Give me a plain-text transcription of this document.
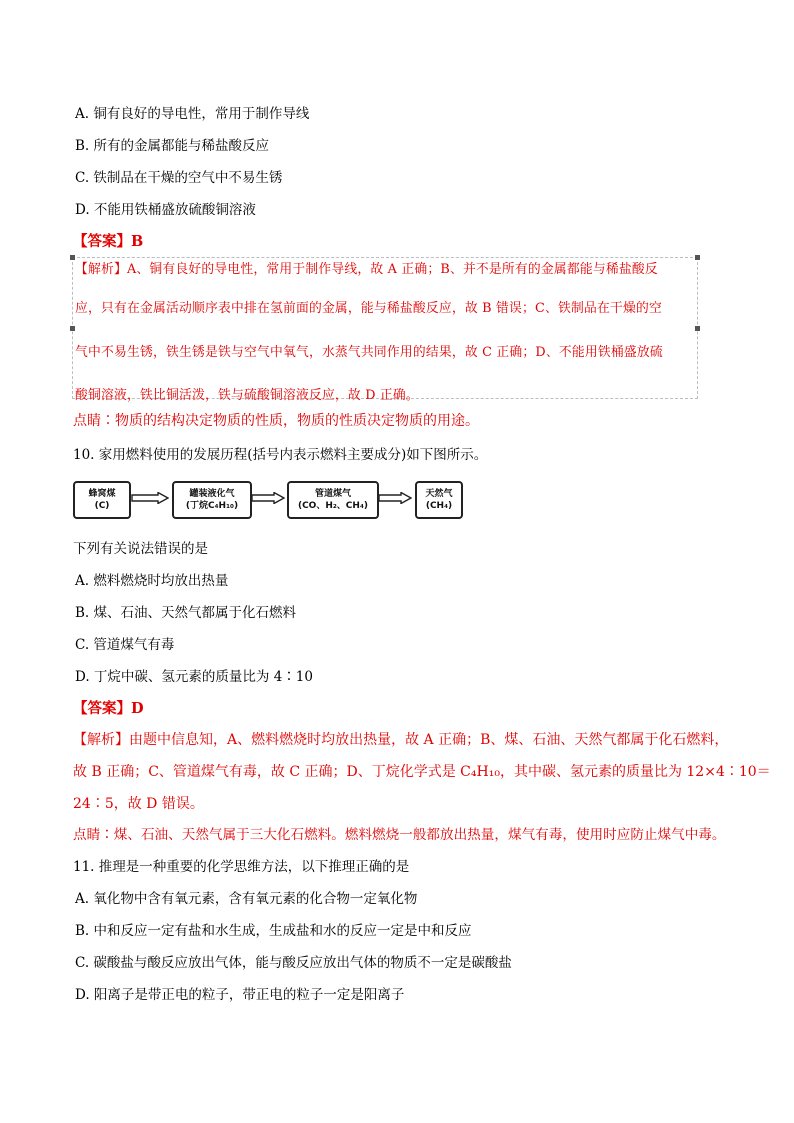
A. 铜有良好的导电性，常用于制作导线
B. 所有的金属都能与稀盐酸反应
C. 铁制品在干燥的空气中不易生锈
D. 不能用铁桶盛放硫酸铜溶液
【答案】B
【解析】A、铜有良好的导电性，常用于制作导线，故 A 正确；B、并不是所有的金属都能与稀盐酸反
应，只有在金属活动顺序表中排在氢前面的金属，能与稀盐酸反应，故 B 错误；C、铁制品在干燥的空
气中不易生锈，铁生锈是铁与空气中氧气，水蒸气共同作用的结果，故 C 正确；D、不能用铁桶盛放硫
酸铜溶液，铁比铜活泼，铁与硫酸铜溶液反应，故 D 正确。
点睛∶物质的结构决定物质的性质，物质的性质决定物质的用途。
10. 家用燃料使用的发展历程(括号内表示燃料主要成分)如下图所示。
蜂窝煤
(C)
罐装液化气
(丁烷C₄H₁₀)
管道煤气
(CO、H₂、CH₄)
天然气
(CH₄)
下列有关说法错误的是
A. 燃料燃烧时均放出热量
B. 煤、石油、天然气都属于化石燃料
C. 管道煤气有毒
D. 丁烷中碳、氢元素的质量比为 4∶10
【答案】D
【解析】由题中信息知，A、燃料燃烧时均放出热量，故 A 正确；B、煤、石油、天然气都属于化石燃料，
故 B 正确；C、管道煤气有毒，故 C 正确；D、丁烷化学式是 C₄H₁₀，其中碳、氢元素的质量比为 12×4∶10＝
24∶5，故 D 错误。
点睛∶煤、石油、天然气属于三大化石燃料。燃料燃烧一般都放出热量，煤气有毒，使用时应防止煤气中毒。
11. 推理是一种重要的化学思维方法，以下推理正确的是
A. 氧化物中含有氧元素，含有氧元素的化合物一定氧化物
B. 中和反应一定有盐和水生成，生成盐和水的反应一定是中和反应
C. 碳酸盐与酸反应放出气体，能与酸反应放出气体的物质不一定是碳酸盐
D. 阳离子是带正电的粒子，带正电的粒子一定是阳离子
